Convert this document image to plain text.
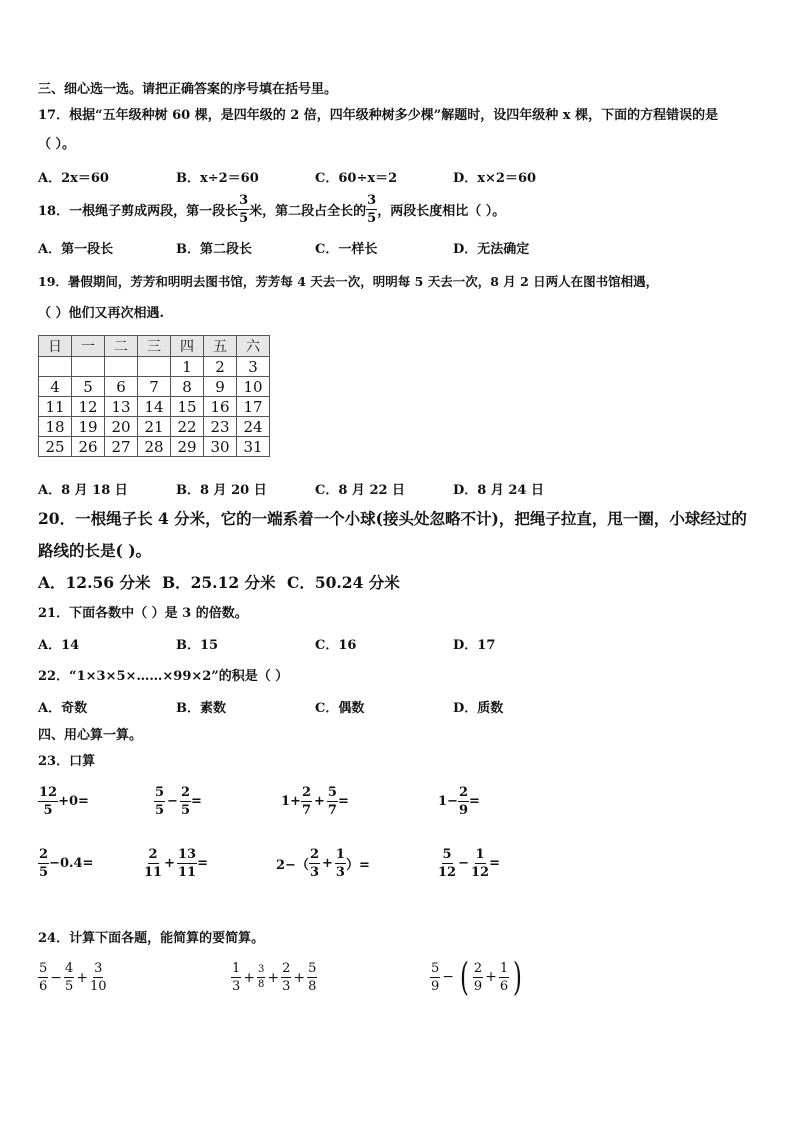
三、细心选一选。请把正确答案的序号填在括号里。
17．根据“五年级种树 60 棵，是四年级的 2 倍，四年级种树多少棵”解题时，设四年级种 x 棵，下面的方程错误的是
（ ）。
A．2x＝60	B．x÷2＝60	C．60÷x＝2	D．x×2＝60
18．一根绳子剪成两段，第一段长 $\frac{3}{5}$ 米，第二段占全长的 $\frac{3}{5}$ ，两段长度相比（ ）。
A．第一段长	B．第二段长	C．一样长	D．无法确定
19．暑假期间，芳芳和明明去图书馆，芳芳每 4 天去一次，明明每 5 天去一次，8 月 2 日两人在图书馆相遇，
（ ）他们又再次相遇.
日	一	二	三	四	五	六
				1	2	3
4	5	6	7	8	9	10
11	12	13	14	15	16	17
18	19	20	21	22	23	24
25	26	27	28	29	30	31
A．8 月 18 日	B．8 月 20 日	C．8 月 22 日	D．8 月 24 日
20．一根绳子长 4 分米，它的一端系着一个小球(接头处忽略不计)，把绳子拉直，甩一圈，小球经过的
路线的长是( )。
A．12.56 分米 B．25.12 分米 C．50.24 分米
21．下面各数中（ ）是 3 的倍数。
A．14	B．15	C．16	D．17
22．“1×3×5×……×99×2”的积是（ ）
A．奇数	B．素数	C．偶数	D．质数
四、用心算一算。
23．口算
$\frac{12}{5} +0=$	$\frac{5}{5} - \frac{2}{5}$ =	$1+ \frac{2}{7} + \frac{5}{7}$ =	$1- \frac{2}{9}$ =
$\frac{2}{5} -0.4=$	$\frac{2}{11} + \frac{13}{11}$ =	$2-( \frac{2}{3} + \frac{1}{3}$ ）=	$\frac{5}{12} - \frac{1}{12}$ =
24．计算下面各题，能简算的要简算。
$\frac{5}{6} - \frac{4}{5} + \frac{3}{10}$	$\frac{1}{3} + \frac{3}{8} + \frac{2}{3} + \frac{5}{8}$	$\frac{5}{9}$ − ( $\frac{2}{9} + \frac{1}{6}$ )
